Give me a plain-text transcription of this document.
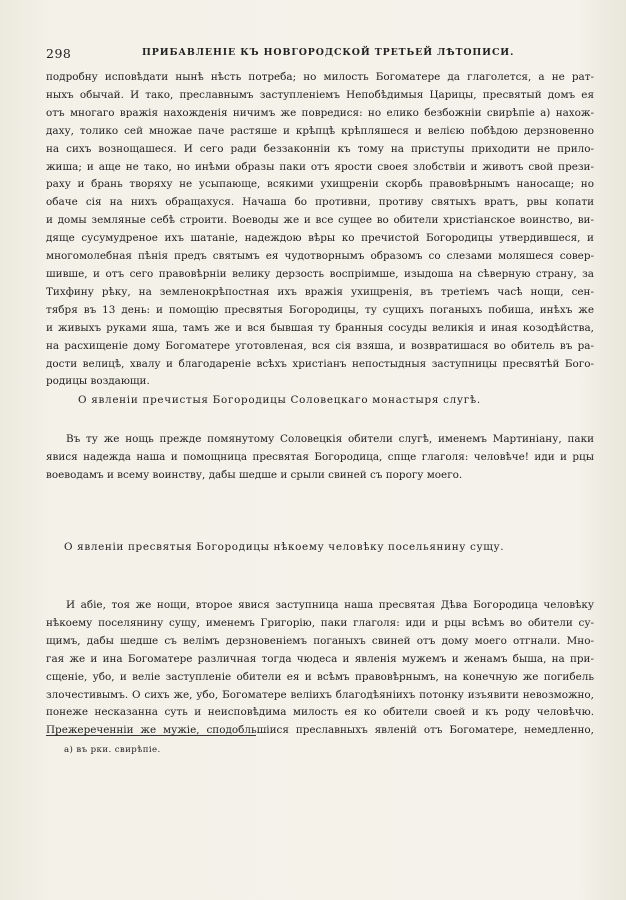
298	ПРИБАВЛЕНІЕ КЪ НОВГОРОДСКОЙ ТРЕТЬЕЙ ЛѢТОПИСИ.
подробну исповѣдати нынѣ нѣсть потреба; но милость Богоматере да глаголется, а не рат-
ныхъ обычай. И тако, преславнымъ заступленіемъ Непобѣдимыя Царицы, пресвятый домъ ея
отъ многаго вражія нахожденія ничимъ же повредися: но елико безбожніи свирѣпіе a) нахож-
даху, толико сей множае паче растяше и крѣпцѣ крѣпляшеся и велією побѣдою дерзновенно
на сихъ вознощашеся. И сего ради беззаконніи къ тому на приступы приходити не прило-
жиша; и аще не тако, но инѣми образы паки отъ ярости своея злобствіи и животъ свой прези-
раху и брань творяху не усыпающе, всякими ухищреніи скорбь правовѣрнымъ наносаще; но
обаче сія на нихъ обращахуся. Начаша бо противни, противу святыхъ вратъ, рвы копати
и домы земляные себѣ строити. Воеводы же и все сущее во обители христіанское воинство, ви-
дяще сусумудреное ихъ шатаніе, надеждою вѣры ко пречистой Богородицы утвердившеся, и
многомолебная пѣнія предъ святымъ ея чудотворнымъ образомъ со слезами моляшеся совер-
шивше, и отъ сего правовѣрніи велику дерзость воспріимше, изыдоша на сѣверную страну, за
Тихфину рѣку, на земленокрѣпостная ихъ вражія ухищренія, въ третіемъ часѣ нощи, сен-
тября въ 13 день: и помощію пресвятыя Богородицы, ту сущихъ поганыхъ побиша, инѣхъ же
и живыхъ руками яша, тамъ же и вся бывшая ту бранныя сосуды великія и иная козодѣйства,
на расхищеніе дому Богоматере уготовленая, вся сія взяша, и возвратишася во обитель въ ра-
дости велицѣ, хвалу и благодареніе всѣхъ христіанъ непостыдныя заступницы пресвятѣй Бого-
родицы воздающи.
О явленіи пречистыя Богородицы Соловецкаго монастыря слугѣ.
Въ ту же нощь прежде помянутому Соловецкія обители слугѣ, именемъ Мартиніану, паки
явися надежда наша и помощница пресвятая Богородица, спще глаголя: человѣче! иди и рцы
воеводамъ и всему воинству, дабы шедше и срыли свиней съ порогу моего.
О явленіи пресвятыя Богородицы нѣкоему человѣку посельянину сущу.
И абіе, тоя же нощи, второе явися заступница наша пресвятая Дѣва Богородица человѣку
нѣкоему поселянину сущу, именемъ Григорію, паки глаголя: иди и рцы всѣмъ во обители су-
щимъ, дабы шедше съ велімъ дерзновеніемъ поганыхъ свиней отъ дому моего отгнали. Мно-
гая же и ина Богоматере различная тогда чюдеса и явленія мужемъ и женамъ быша, на при-
сщеніе, убо, и веліе заступленіе обители ея и всѣмъ правовѣрнымъ, на конечную же погибель
злочестивымъ. О сихъ же, убо, Богоматере велiихъ благодѣяніихъ потонку изъявити невозможно,
понеже несказанна суть и неисповѣдима милость ея ко обители своей и къ роду человѣчю.
Прежереченніи же мужіе, сподобльшіися преславныхъ явленій отъ Богоматере, немедленно,
a) въ рки. свирѣпіе.
